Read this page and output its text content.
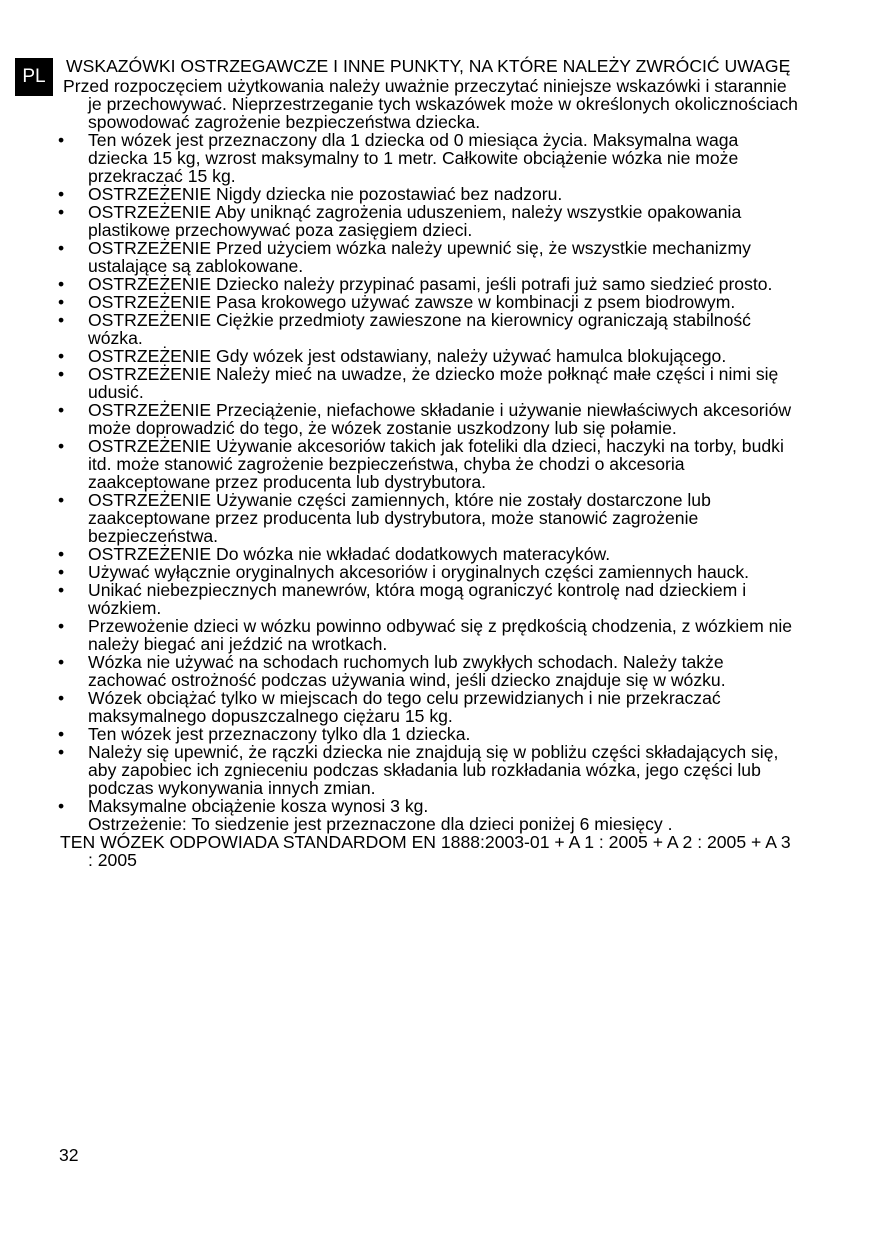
PL	WSKAZÓWKI OSTRZEGAWCZE I INNE PUNKTY, NA KTÓRE NALEŻY ZWRÓCIĆ UWAGĘ

Przed rozpoczęciem użytkowania należy uważnie przeczytać niniejsze wskazówki i starannie je przechowywać. Nieprzestrzeganie tych wskazówek może w określonych okolicznościach spowodować zagrożenie bezpieczeństwa dziecka.

• Ten wózek jest przeznaczony dla 1 dziecka od 0 miesiąca życia. Maksymalna waga dziecka 15 kg, wzrost maksymalny to 1 metr. Całkowite obciążenie wózka nie może przekraczać 15 kg.
• OSTRZEŻENIE Nigdy dziecka nie pozostawiać bez nadzoru.
• OSTRZEŻENIE Aby uniknąć zagrożenia uduszeniem, należy wszystkie opakowania plastikowe przechowywać poza zasięgiem dzieci.
• OSTRZEŻENIE Przed użyciem wózka należy upewnić się, że wszystkie mechanizmy ustalające są zablokowane.
• OSTRZEŻENIE Dziecko należy przypinać pasami, jeśli potrafi już samo siedzieć prosto.
• OSTRZEŻENIE Pasa krokowego używać zawsze w kombinacji z psem biodrowym.
• OSTRZEŻENIE Ciężkie przedmioty zawieszone na kierownicy ograniczają stabilność wózka.
• OSTRZEŻENIE Gdy wózek jest odstawiany, należy używać hamulca blokującego.
• OSTRZEŻENIE Należy mieć na uwadze, że dziecko może połknąć małe części i nimi się udusić.
• OSTRZEŻENIE Przeciążenie, niefachowe składanie i używanie niewłaściwych akcesoriów może doprowadzić do tego, że wózek zostanie uszkodzony lub się połamie.
• OSTRZEŻENIE Używanie akcesoriów takich jak foteliki dla dzieci, haczyki na torby, budki itd. może stanowić zagrożenie bezpieczeństwa, chyba że chodzi o akcesoria zaakceptowane przez producenta lub dystrybutora.
• OSTRZEŻENIE Używanie części zamiennych, które nie zostały dostarczone lub zaakceptowane przez producenta lub dystrybutora, może stanowić zagrożenie bezpieczeństwa.
• OSTRZEŻENIE Do wózka nie wkładać dodatkowych materacyków.
• Używać wyłącznie oryginalnych akcesoriów i oryginalnych części zamiennych hauck.
• Unikać niebezpiecznych manewrów, która mogą ograniczyć kontrolę nad dzieckiem i wózkiem.
• Przewożenie dzieci w wózku powinno odbywać się z prędkością chodzenia, z wózkiem nie należy biegać ani jeździć na wrotkach.
• Wózka nie używać na schodach ruchomych lub zwykłych schodach. Należy także zachować ostrożność podczas używania wind, jeśli dziecko znajduje się w wózku.
• Wózek obciążać tylko w miejscach do tego celu przewidzianych i nie przekraczać maksymalnego dopuszczalnego ciężaru 15 kg.
• Ten wózek jest przeznaczony tylko dla 1 dziecka.
• Należy się upewnić, że rączki dziecka nie znajdują się w pobliżu części składających się, aby zapobiec ich zgnieceniu podczas składania lub rozkładania wózka, jego części lub podczas wykonywania innych zmian.
• Maksymalne obciążenie kosza wynosi 3 kg.
Ostrzeżenie: To siedzenie jest przeznaczone dla dzieci poniżej 6 miesięcy .
TEN WÓZEK ODPOWIADA STANDARDOM EN 1888:2003-01 + A 1 : 2005 + A 2 : 2005 + A 3 : 2005
32
